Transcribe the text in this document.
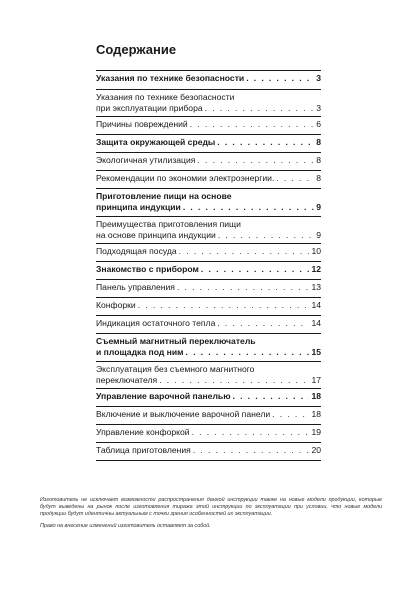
Содержание
Указания по технике безопасности . . .	3
Указания по технике безопасности
при эксплуатации прибора . . .	3
Причины повреждений . . .	6
Защита окружающей среды . . .	8
Экологичная утилизация . . .	8
Рекомендации по экономии электроэнергии. . . .	8
Приготовление пищи на основе
принципа индукции . . .	9
Преимущества приготовления пищи
на основе принципа индукции . . .	9
Подходящая посуда . . .	10
Знакомство с прибором . . .	12
Панель управления . . .	13
Конфорки . . .	14
Индикация остаточного тепла . . .	14
Съемный магнитный переключатель
и площадка под ним . . .	15
Эксплуатация без съемного магнитного
переключателя . . .	17
Управление варочной панелью . . .	18
Включение и выключение варочной панели . . .	18
Управление конфоркой . . .	19
Таблица приготовления . . .	20

Изготовитель не исключает возможности распространения данной инструкции также на новые модели продукции, которые будут выведены на рынок после изготовления тиража этой инструкции по эксплуатации при условии, что новые модели продукции будут идентичны актуальным с точки зрения особенностей их эксплуатации.

Право на внесение изменений изготовитель оставляет за собой.
